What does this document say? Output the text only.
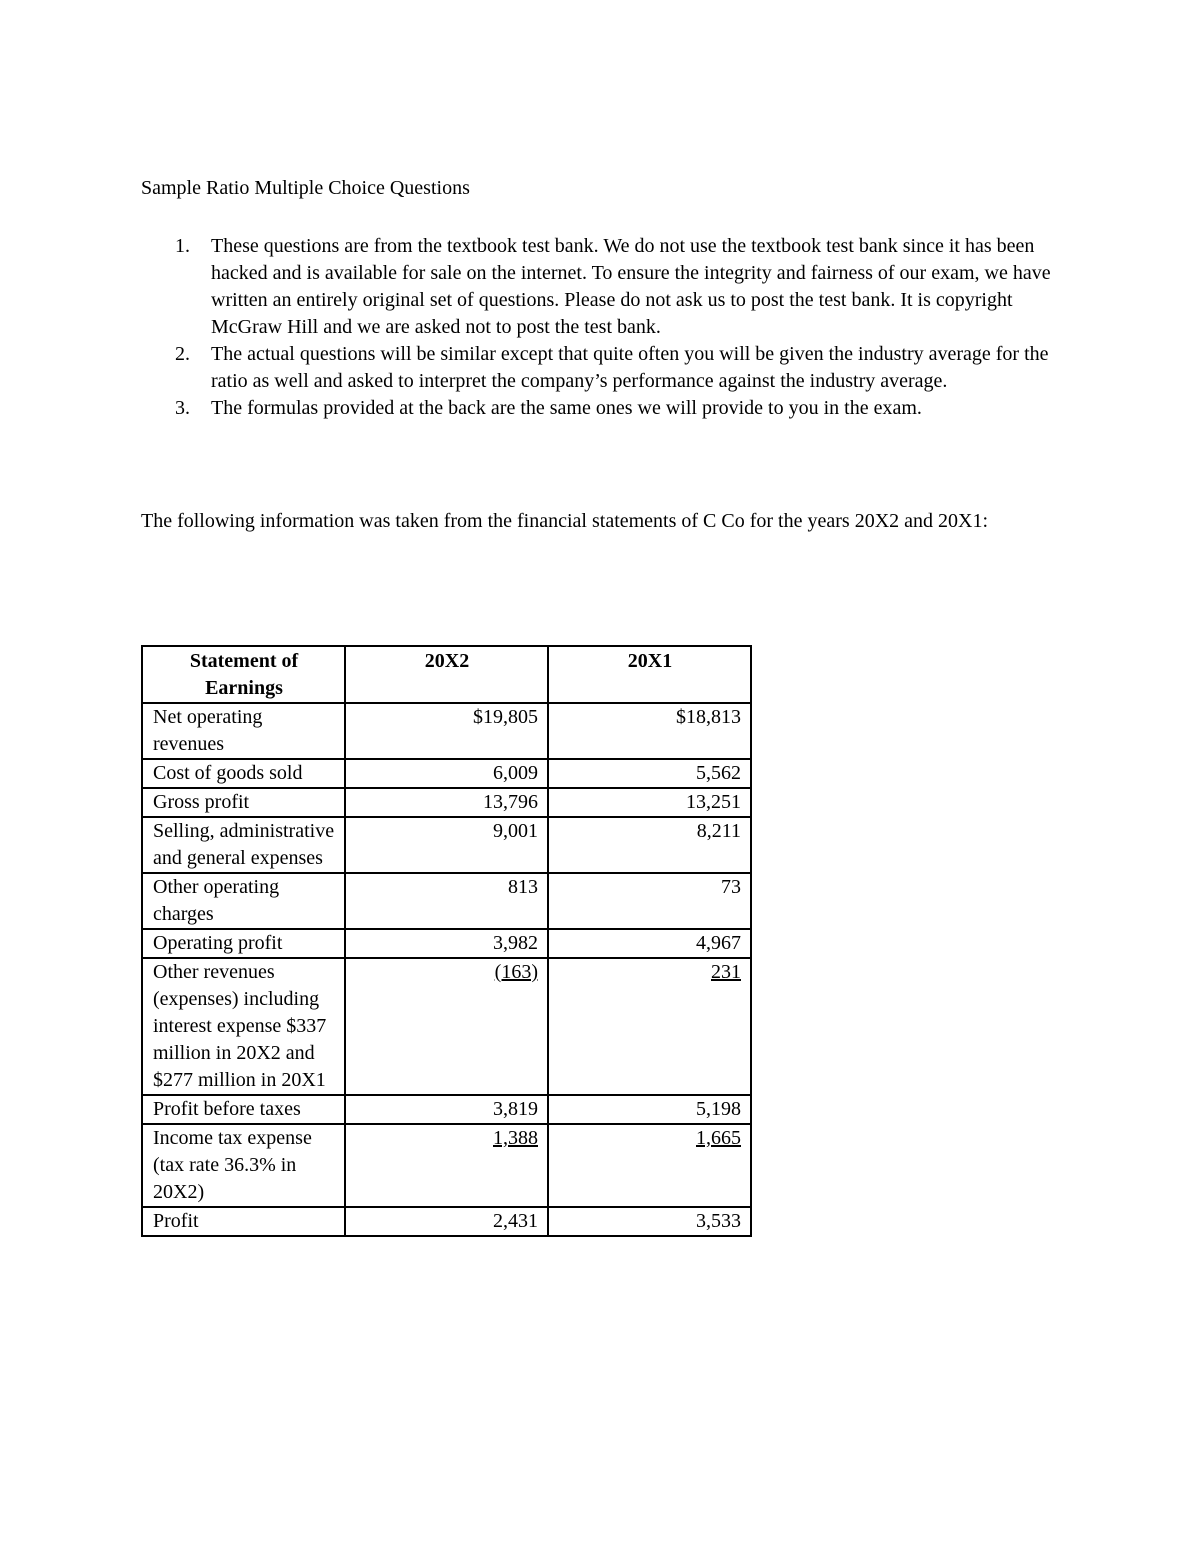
Sample Ratio Multiple Choice Questions
1. These questions are from the textbook test bank. We do not use the textbook test bank since it has been hacked and is available for sale on the internet. To ensure the integrity and fairness of our exam, we have written an entirely original set of questions. Please do not ask us to post the test bank. It is copyright McGraw Hill and we are asked not to post the test bank.
2. The actual questions will be similar except that quite often you will be given the industry average for the ratio as well and asked to interpret the company’s performance against the industry average.
3. The formulas provided at the back are the same ones we will provide to you in the exam.

The following information was taken from the financial statements of C Co for the years 20X2 and 20X1:

Statement of Earnings	20X2	20X1
Net operating revenues	$19,805	$18,813
Cost of goods sold	6,009	5,562
Gross profit	13,796	13,251
Selling, administrative and general expenses	9,001	8,211
Other operating charges	813	73
Operating profit	3,982	4,967
Other revenues (expenses) including interest expense $337 million in 20X2 and $277 million in 20X1	(163)	231
Profit before taxes	3,819	5,198
Income tax expense (tax rate 36.3% in 20X2)	1,388	1,665
Profit	2,431	3,533
